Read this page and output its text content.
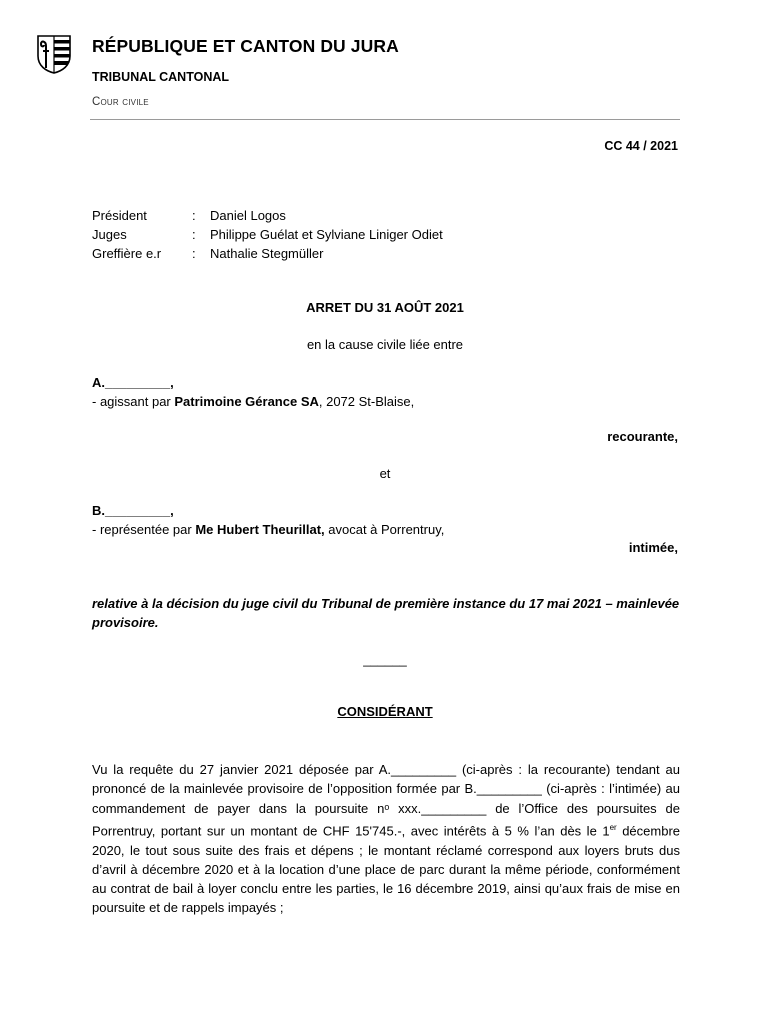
RÉPUBLIQUE ET CANTON DU JURA
TRIBUNAL CANTONAL
Cour civile
CC 44 / 2021
Président	:	Daniel Logos
Juges	:	Philippe Guélat et Sylviane Liniger Odiet
Greffière e.r	:	Nathalie Stegmüller
ARRET DU 31 AOÛT 2021
en la cause civile liée entre
A._________,
- agissant par Patrimoine Gérance SA, 2072 St-Blaise,
recourante,
et
B._________,
- représentée par Me Hubert Theurillat, avocat à Porrentruy,
intimée,
relative à la décision du juge civil du Tribunal de première instance du 17 mai 2021 – mainlevée provisoire.
______
CONSIDÉRANT
Vu la requête du 27 janvier 2021 déposée par A._________ (ci-après : la recourante) tendant au prononcé de la mainlevée provisoire de l’opposition formée par B._________ (ci-après : l’intimée) au commandement de payer dans la poursuite nᵒ xxx._________ de l’Office des poursuites de Porrentruy, portant sur un montant de CHF 15'745.-, avec intérêts à 5 % l’an dès le 1er décembre 2020, le tout sous suite des frais et dépens ; le montant réclamé correspond aux loyers bruts dus d’avril à décembre 2020 et à la location d’une place de parc durant la même période, conformément au contrat de bail à loyer conclu entre les parties, le 16 décembre 2019, ainsi qu’aux frais de mise en poursuite et de rappels impayés ;
